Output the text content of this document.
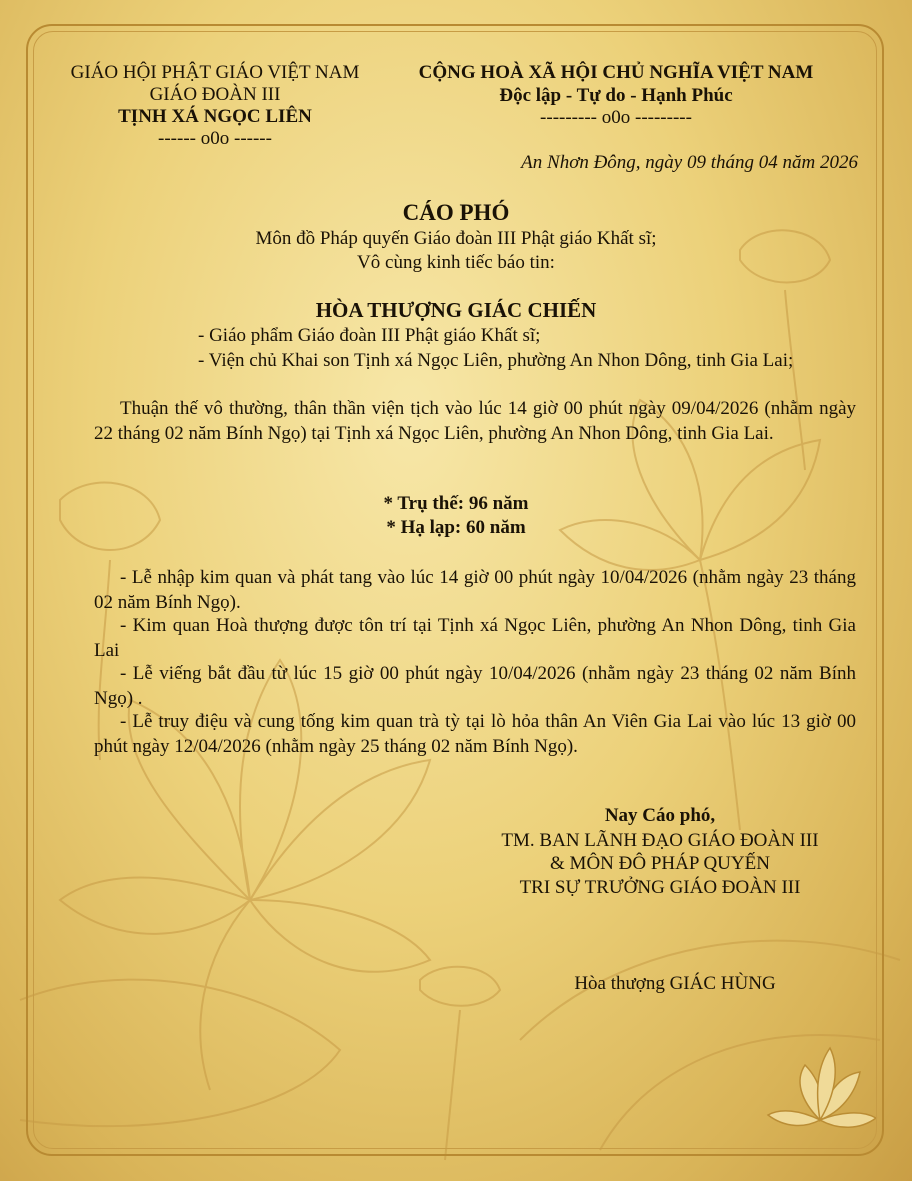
GIÁO HỘI PHẬT GIÁO VIỆT NAM
GIÁO ĐOÀN III
TỊNH XÁ NGỌC LIÊN
------ o0o ------
CỘNG HOÀ XÃ HỘI CHỦ NGHĨA VIỆT NAM
Độc lập - Tự do - Hạnh Phúc
--------- o0o ---------
An Nhơn Đông, ngày 09 tháng 04 năm 2026
CÁO PHÓ
Môn đồ Pháp quyến Giáo đoàn III Phật giáo Khất sĩ;
Vô cùng kinh tiếc báo tin:
HÒA THƯỢNG GIÁC CHIẾN
- Giáo phẩm Giáo đoàn III Phật giáo Khất sĩ;
- Viện chủ Khai son Tịnh xá Ngọc Liên, phường An Nhon Dông, tinh Gia Lai;
Thuận thế vô thường, thân thần viện tịch vào lúc 14 giờ 00 phút ngày 09/04/2026 (nhằm ngày 22 tháng 02 năm Bính Ngọ) tại Tịnh xá Ngọc Liên, phường An Nhon Dông, tinh Gia Lai.
* Trụ thế: 96 năm
* Hạ lạp: 60 năm
- Lễ nhập kim quan và phát tang vào lúc 14 giờ 00 phút ngày 10/04/2026 (nhằm ngày 23 tháng 02 năm Bính Ngọ).
- Kim quan Hoà thượng được tôn trí tại Tịnh xá Ngọc Liên, phường An Nhon Dông, tinh Gia Lai
- Lễ viếng bắt đầu từ lúc 15 giờ 00 phút ngày 10/04/2026 (nhằm ngày 23 tháng 02 năm Bính Ngọ) .
- Lễ truy điệu và cung tống kim quan trà tỳ tại lò hỏa thân An Viên Gia Lai vào lúc 13 giờ 00 phút ngày 12/04/2026 (nhằm ngày 25 tháng 02 năm Bính Ngọ).
Nay Cáo phó,
TM. BAN LÃNH ĐẠO GIÁO ĐOÀN III
& MÔN ĐÔ PHÁP QUYẾN
TRI SỰ TRƯỞNG GIÁO ĐOÀN III
Hòa thượng GIÁC HÙNG
